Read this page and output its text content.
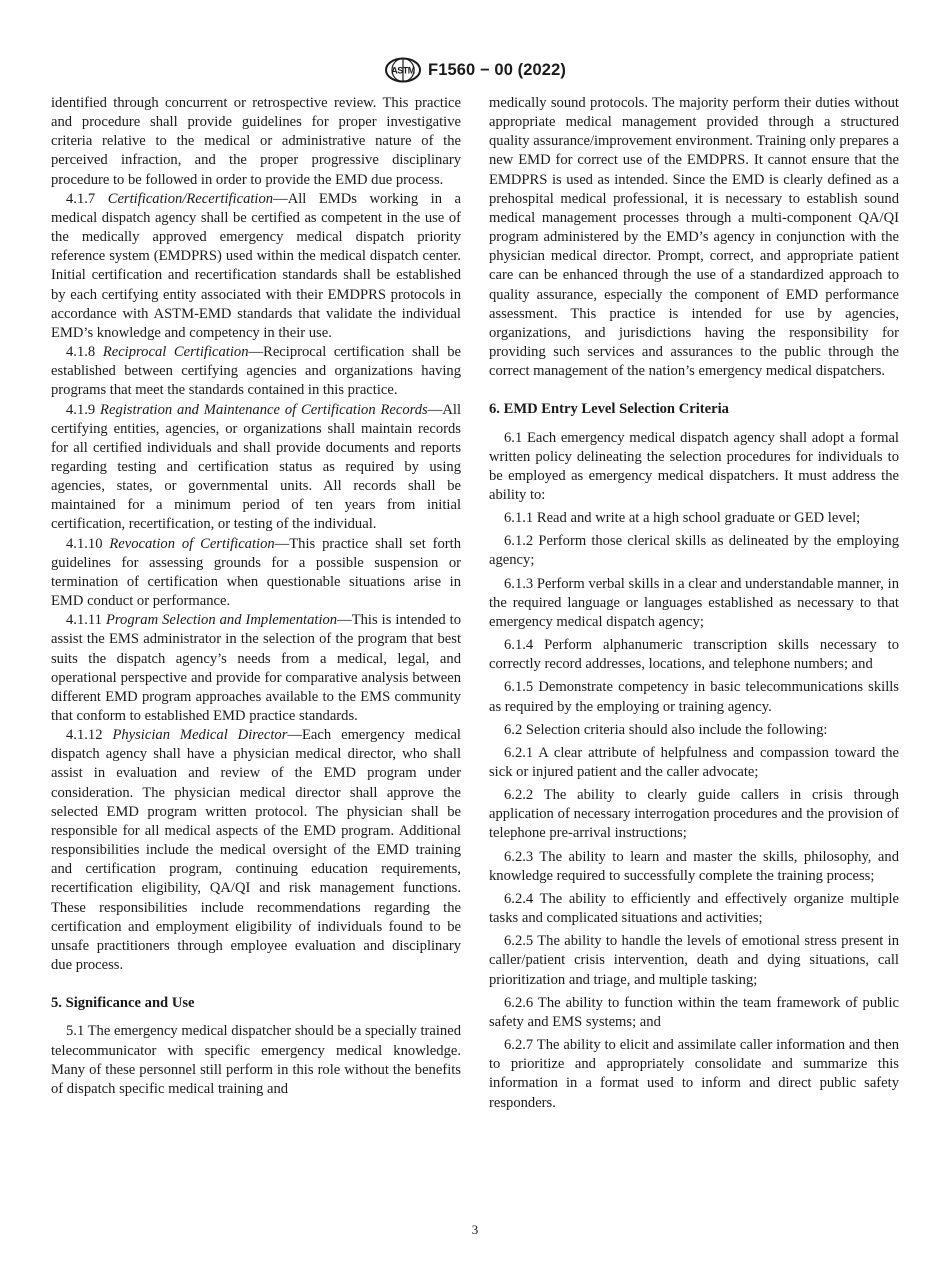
ASTM F1560 − 00 (2022)

identified through concurrent or retrospective review. This practice and procedure shall provide guidelines for proper investigative criteria relative to the medical or administrative nature of the perceived infraction, and the proper progressive disciplinary procedure to be followed in order to provide the EMD due process.

4.1.7 Certification/Recertification—All EMDs working in a medical dispatch agency shall be certified as competent in the use of the medically approved emergency medical dispatch priority reference system (EMDPRS) used within the medical dispatch center. Initial certification and recertification standards shall be established by each certifying entity associated with their EMDPRS protocols in accordance with ASTM-EMD standards that validate the individual EMD’s knowledge and competency in their use.

4.1.8 Reciprocal Certification—Reciprocal certification shall be established between certifying agencies and organizations having programs that meet the standards contained in this practice.

4.1.9 Registration and Maintenance of Certification Records—All certifying entities, agencies, or organizations shall maintain records for all certified individuals and shall provide documents and reports regarding testing and certification status as required by using agencies, states, or governmental units. All records shall be maintained for a minimum period of ten years from initial certification, recertification, or testing of the individual.

4.1.10 Revocation of Certification—This practice shall set forth guidelines for assessing grounds for a possible suspension or termination of certification when questionable situations arise in EMD conduct or performance.

4.1.11 Program Selection and Implementation—This is intended to assist the EMS administrator in the selection of the program that best suits the dispatch agency’s needs from a medical, legal, and operational perspective and provide for comparative analysis between different EMD program approaches available to the EMS community that conform to established EMD practice standards.

4.1.12 Physician Medical Director—Each emergency medical dispatch agency shall have a physician medical director, who shall assist in evaluation and review of the EMD program under consideration. The physician medical director shall approve the selected EMD program written protocol. The physician shall be responsible for all medical aspects of the EMD program. Additional responsibilities include the medical oversight of the EMD training and certification program, continuing education requirements, recertification eligibility, QA/QI and risk management functions. These responsibilities include recommendations regarding the certification and employment eligibility of individuals found to be unsafe practitioners through employee evaluation and disciplinary due process.

5. Significance and Use

5.1 The emergency medical dispatcher should be a specially trained telecommunicator with specific emergency medical knowledge. Many of these personnel still perform in this role without the benefits of dispatch specific medical training and

medically sound protocols. The majority perform their duties without appropriate medical management provided through a structured quality assurance/improvement environment. Training only prepares a new EMD for correct use of the EMDPRS. It cannot ensure that the EMDPRS is used as intended. Since the EMD is clearly defined as a prehospital medical professional, it is necessary to establish sound medical management processes through a multi-component QA/QI program administered by the EMD’s agency in conjunction with the physician medical director. Prompt, correct, and appropriate patient care can be enhanced through the use of a standardized approach to quality assurance, especially the component of EMD performance assessment. This practice is intended for use by agencies, organizations, and jurisdictions having the responsibility for providing such services and assurances to the public through the correct management of the nation’s emergency medical dispatchers.

6. EMD Entry Level Selection Criteria

6.1 Each emergency medical dispatch agency shall adopt a formal written policy delineating the selection procedures for individuals to be employed as emergency medical dispatchers. It must address the ability to:

6.1.1 Read and write at a high school graduate or GED level;

6.1.2 Perform those clerical skills as delineated by the employing agency;

6.1.3 Perform verbal skills in a clear and understandable manner, in the required language or languages established as necessary to that emergency medical dispatch agency;

6.1.4 Perform alphanumeric transcription skills necessary to correctly record addresses, locations, and telephone numbers; and

6.1.5 Demonstrate competency in basic telecommunications skills as required by the employing or training agency.

6.2 Selection criteria should also include the following:

6.2.1 A clear attribute of helpfulness and compassion toward the sick or injured patient and the caller advocate;

6.2.2 The ability to clearly guide callers in crisis through application of necessary interrogation procedures and the provision of telephone pre-arrival instructions;

6.2.3 The ability to learn and master the skills, philosophy, and knowledge required to successfully complete the training process;

6.2.4 The ability to efficiently and effectively organize multiple tasks and complicated situations and activities;

6.2.5 The ability to handle the levels of emotional stress present in caller/patient crisis intervention, death and dying situations, call prioritization and triage, and multiple tasking;

6.2.6 The ability to function within the team framework of public safety and EMS systems; and

6.2.7 The ability to elicit and assimilate caller information and then to prioritize and appropriately consolidate and summarize this information in a format used to inform and direct public safety responders.

3
